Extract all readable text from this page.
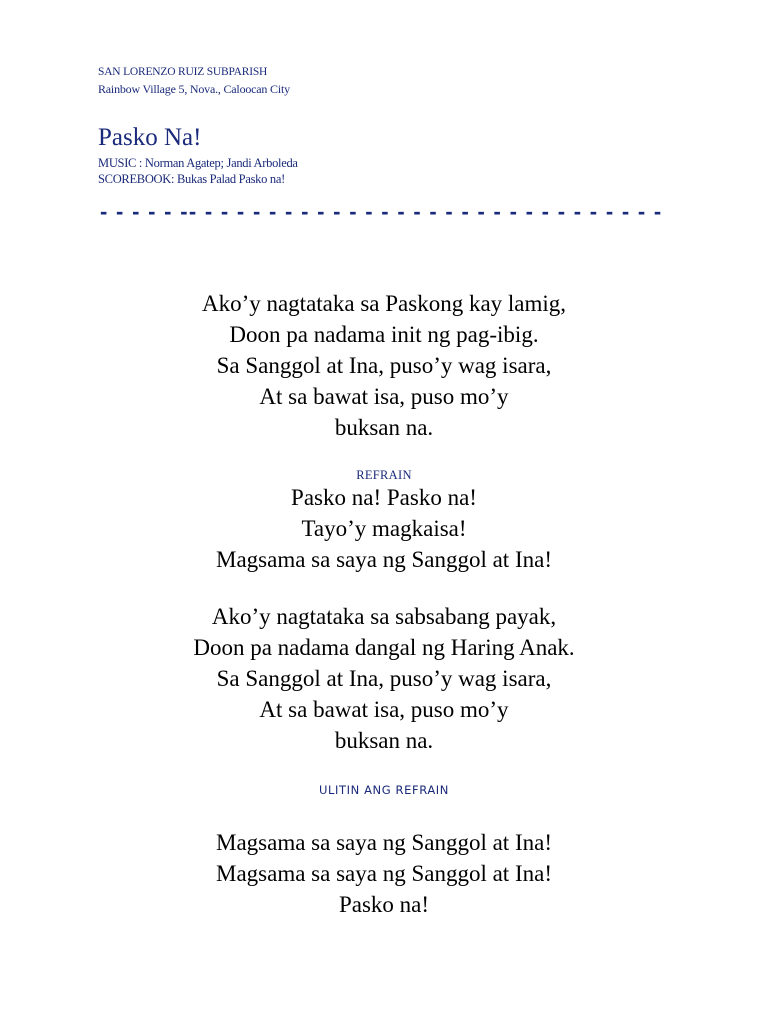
SAN LORENZO RUIZ SUBPARISH
Rainbow Village 5, Nova., Caloocan City
Pasko Na!
MUSIC : Norman Agatep; Jandi Arboleda
SCOREBOOK: Bukas Palad Pasko na!
- - - - - -- - - - - - - - - - - - - - - - - - - - - - - - - - - - - -
Ako’y nagtataka sa Paskong kay lamig,
Doon pa nadama init ng pag-ibig.
Sa Sanggol at Ina, puso’y wag isara,
At sa bawat isa, puso mo’y
buksan na.
REFRAIN
Pasko na! Pasko na!
Tayo’y magkaisa!
Magsama sa saya ng Sanggol at Ina!
Ako’y nagtataka sa sabsabang payak,
Doon pa nadama dangal ng Haring Anak.
Sa Sanggol at Ina, puso’y wag isara,
At sa bawat isa, puso mo’y
buksan na.
ULITIN ANG REFRAIN
Magsama sa saya ng Sanggol at Ina!
Magsama sa saya ng Sanggol at Ina!
Pasko na!
